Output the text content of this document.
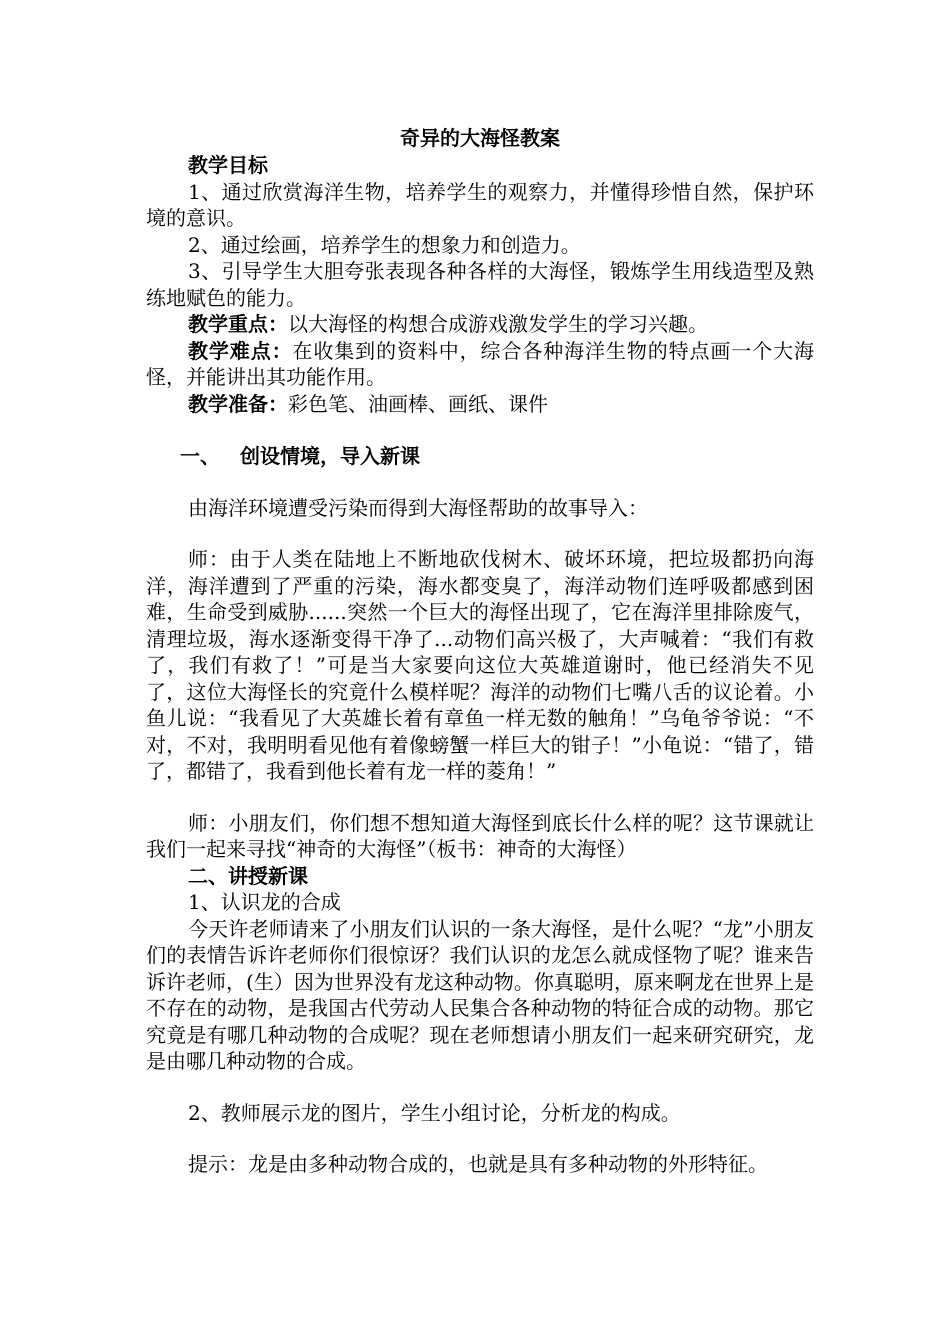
奇异的大海怪教案

教学目标

1、通过欣赏海洋生物，培养学生的观察力，并懂得珍惜自然，保护环境的意识。

2、通过绘画，培养学生的想象力和创造力。

3、引导学生大胆夸张表现各种各样的大海怪，锻炼学生用线造型及熟练地赋色的能力。

教学重点：以大海怪的构想合成游戏激发学生的学习兴趣。

教学难点：在收集到的资料中，综合各种海洋生物的特点画一个大海怪，并能讲出其功能作用。

教学准备：彩色笔、油画棒、画纸、课件

一、 创设情境，导入新课

由海洋环境遭受污染而得到大海怪帮助的故事导入：

师：由于人类在陆地上不断地砍伐树木、破坏环境，把垃圾都扔向海洋，海洋遭到了严重的污染，海水都变臭了，海洋动物们连呼吸都感到困难，生命受到威胁......突然一个巨大的海怪出现了，它在海洋里排除废气，清理垃圾，海水逐渐变得干净了...动物们高兴极了，大声喊着：“我们有救了，我们有救了！”可是当大家要向这位大英雄道谢时，他已经消失不见了，这位大海怪长的究竟什么模样呢？海洋的动物们七嘴八舌的议论着。小鱼儿说：“我看见了大英雄长着有章鱼一样无数的触角！”乌龟爷爷说：“不对，不对，我明明看见他有着像螃蟹一样巨大的钳子！”小龟说：“错了，错了，都错了，我看到他长着有龙一样的菱角！”

师：小朋友们，你们想不想知道大海怪到底长什么样的呢？这节课就让我们一起来寻找“神奇的大海怪”（板书：神奇的大海怪）

二、讲授新课

1、认识龙的合成

今天许老师请来了小朋友们认识的一条大海怪，是什么呢？“龙”小朋友们的表情告诉许老师你们很惊讶？我们认识的龙怎么就成怪物了呢？谁来告诉许老师，(生）因为世界没有龙这种动物。你真聪明，原来啊龙在世界上是不存在的动物，是我国古代劳动人民集合各种动物的特征合成的动物。那它究竟是有哪几种动物的合成呢？现在老师想请小朋友们一起来研究研究，龙是由哪几种动物的合成。

2、教师展示龙的图片，学生小组讨论，分析龙的构成。

提示：龙是由多种动物合成的，也就是具有多种动物的外形特征。
